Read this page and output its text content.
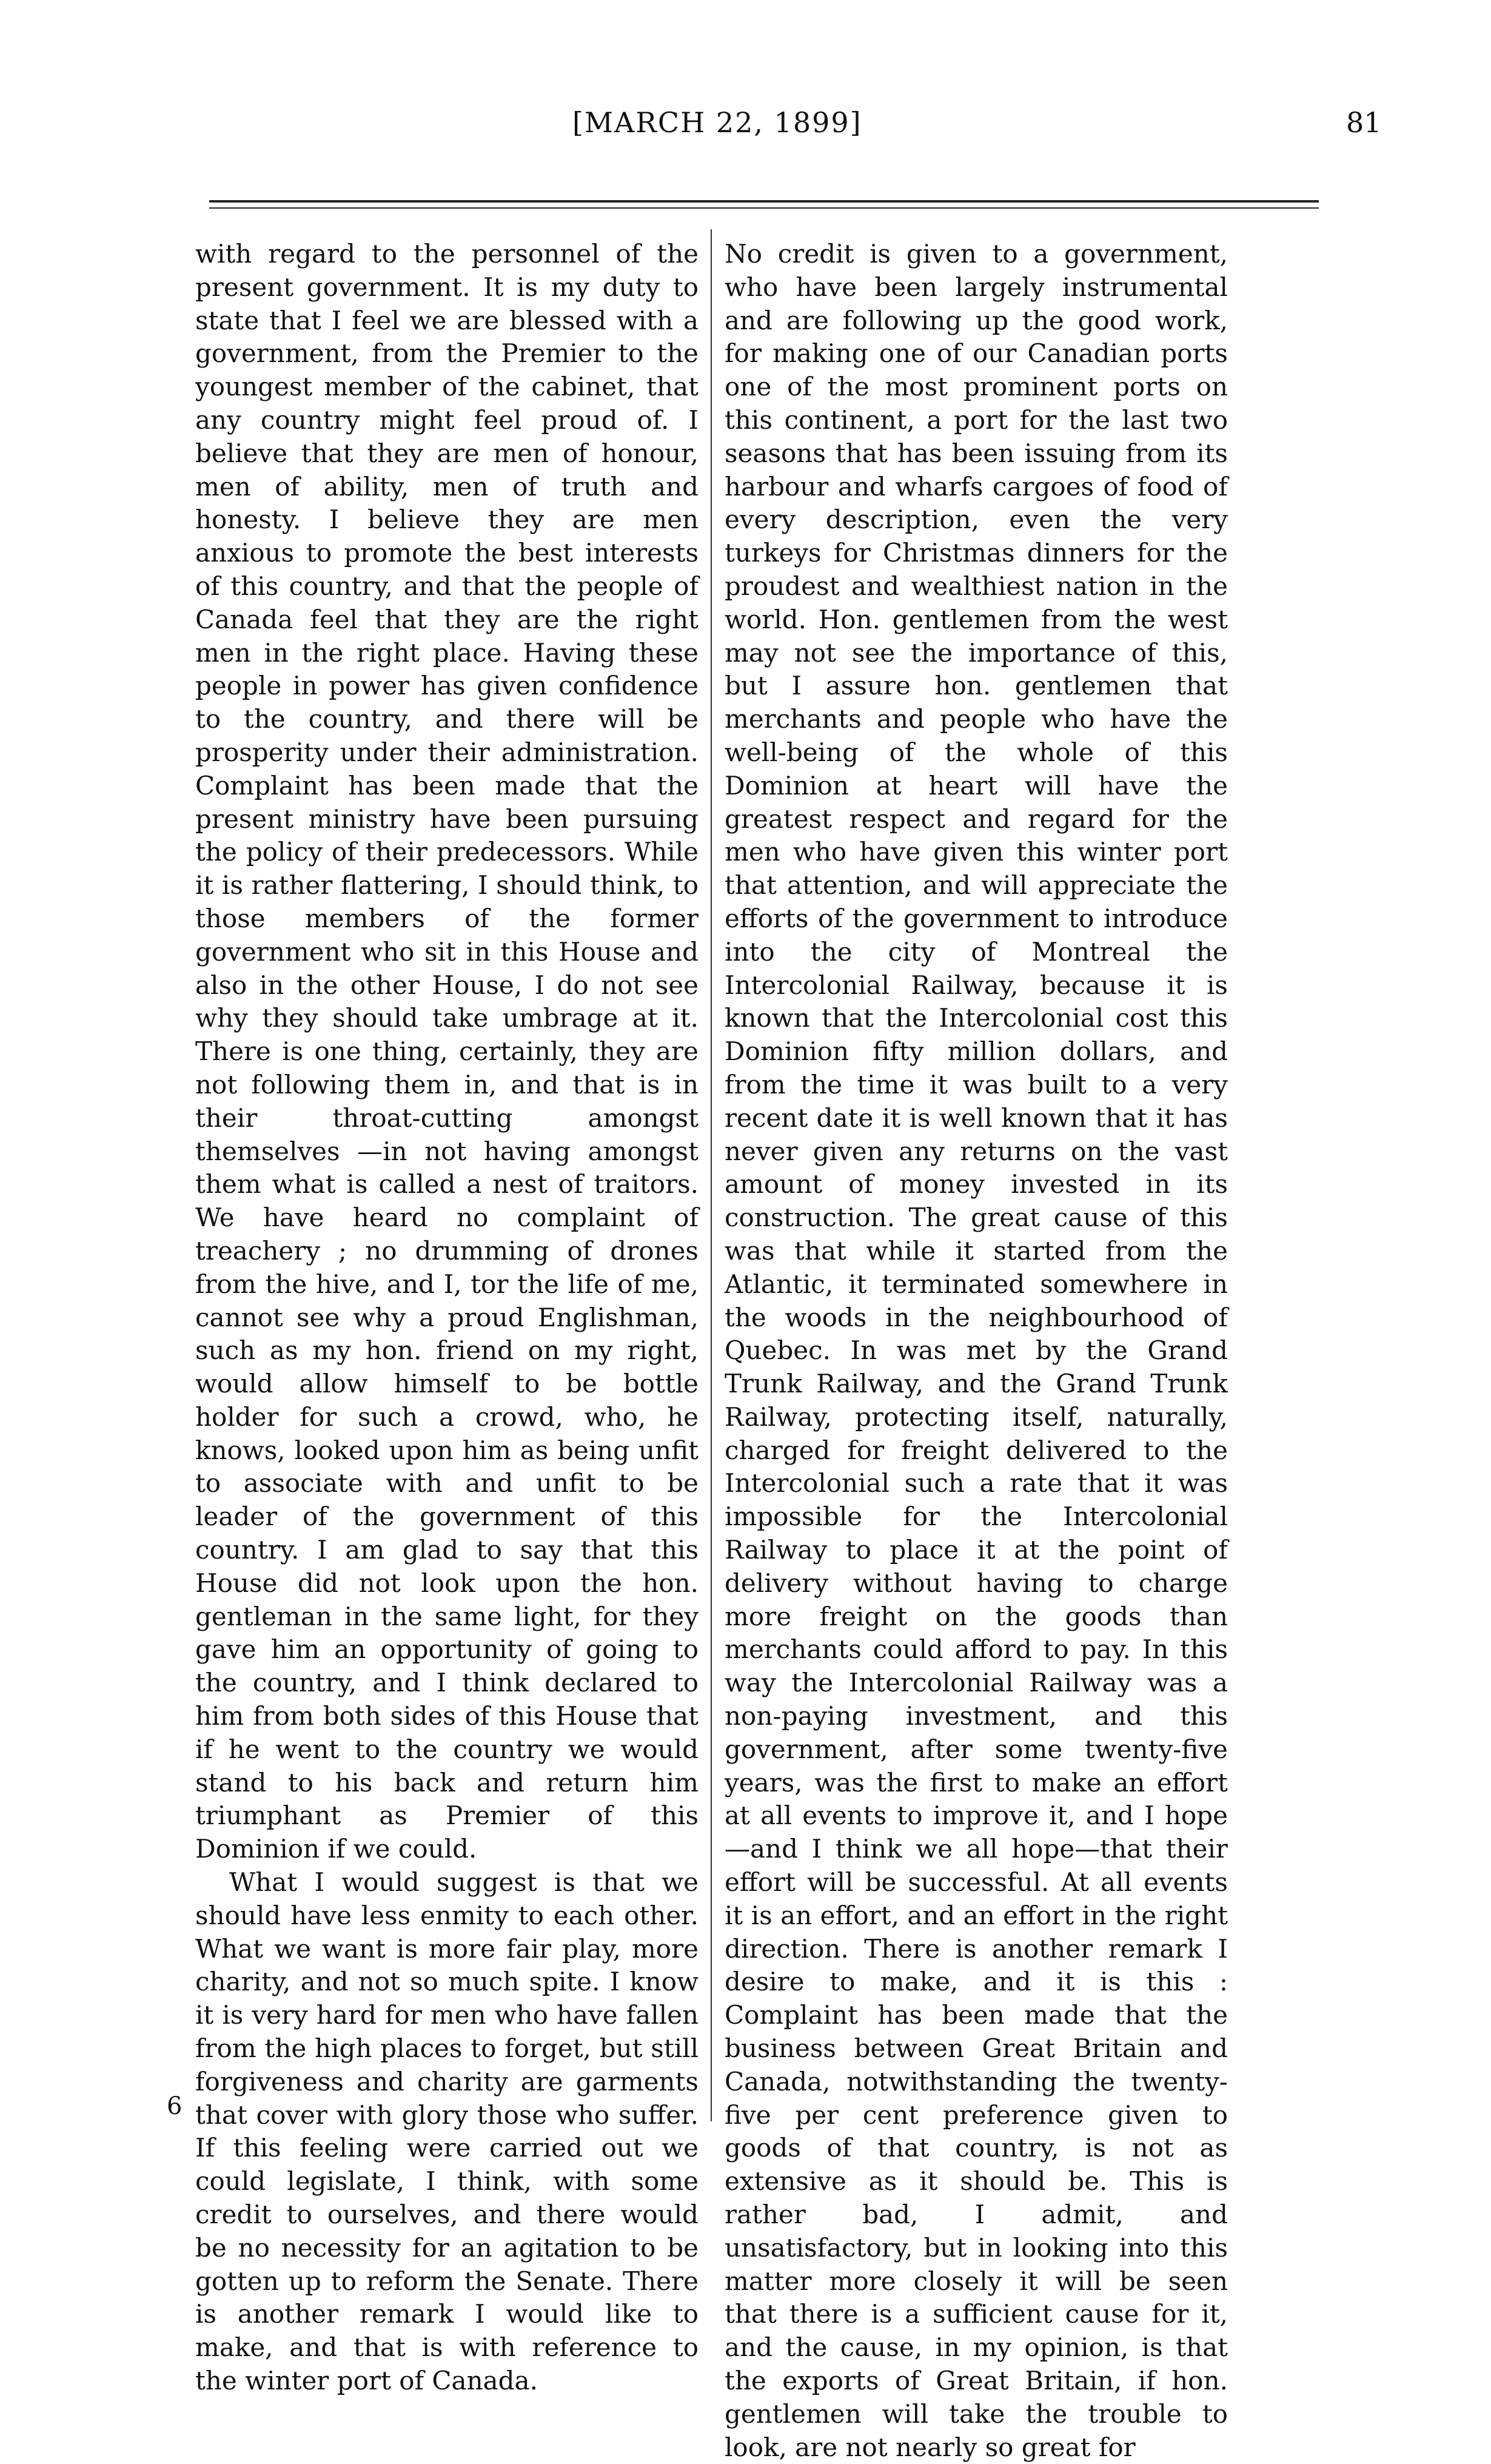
[MARCH 22, 1899]	81

with regard to the personnel of the present government. It is my duty to state that I feel we are blessed with a government, from the Premier to the youngest member of the cabinet, that any country might feel proud of. I believe that they are men of honour, men of ability, men of truth and honesty. I believe they are men anxious to promote the best interests of this country, and that the people of Canada feel that they are the right men in the right place. Having these people in power has given confidence to the country, and there will be prosperity under their administration. Complaint has been made that the present ministry have been pursuing the policy of their predecessors. While it is rather flattering, I should think, to those members of the former government who sit in this House and also in the other House, I do not see why they should take umbrage at it. There is one thing, certainly, they are not following them in, and that is in their throat-cutting amongst themselves —in not having amongst them what is called a nest of traitors. We have heard no complaint of treachery ; no drumming of drones from the hive, and I, tor the life of me, cannot see why a proud Englishman, such as my hon. friend on my right, would allow himself to be bottle holder for such a crowd, who, he knows, looked upon him as being unfit to associate with and unfit to be leader of the government of this country. I am glad to say that this House did not look upon the hon. gentleman in the same light, for they gave him an opportunity of going to the country, and I think declared to him from both sides of this House that if he went to the country we would stand to his back and return him triumphant as Premier of this Dominion if we could.

What I would suggest is that we should have less enmity to each other. What we want is more fair play, more charity, and not so much spite. I know it is very hard for men who have fallen from the high places to forget, but still forgiveness and charity are garments that cover with glory those who suffer. If this feeling were carried out we could legislate, I think, with some credit to ourselves, and there would be no necessity for an agitation to be gotten up to reform the Senate. There is another remark I would like to make, and that is with reference to the winter port of Canada.

No credit is given to a government, who have been largely instrumental and are following up the good work, for making one of our Canadian ports one of the most prominent ports on this continent, a port for the last two seasons that has been issuing from its harbour and wharfs cargoes of food of every description, even the very turkeys for Christmas dinners for the proudest and wealthiest nation in the world. Hon. gentlemen from the west may not see the importance of this, but I assure hon. gentlemen that merchants and people who have the well-being of the whole of this Dominion at heart will have the greatest respect and regard for the men who have given this winter port that attention, and will appreciate the efforts of the government to introduce into the city of Montreal the Intercolonial Railway, because it is known that the Intercolonial cost this Dominion fifty million dollars, and from the time it was built to a very recent date it is well known that it has never given any returns on the vast amount of money invested in its construction. The great cause of this was that while it started from the Atlantic, it terminated somewhere in the woods in the neighbourhood of Quebec. In was met by the Grand Trunk Railway, and the Grand Trunk Railway, protecting itself, naturally, charged for freight delivered to the Intercolonial such a rate that it was impossible for the Intercolonial Railway to place it at the point of delivery without having to charge more freight on the goods than merchants could afford to pay. In this way the Intercolonial Railway was a non-paying investment, and this government, after some twenty-five years, was the first to make an effort at all events to improve it, and I hope—and I think we all hope—that their effort will be successful. At all events it is an effort, and an effort in the right direction. There is another remark I desire to make, and it is this : Complaint has been made that the business between Great Britain and Canada, notwithstanding the twenty-five per cent preference given to goods of that country, is not as extensive as it should be. This is rather bad, I admit, and unsatisfactory, but in looking into this matter more closely it will be seen that there is a sufficient cause for it, and the cause, in my opinion, is that the exports of Great Britain, if hon. gentlemen will take the trouble to look, are not nearly so great for

6
